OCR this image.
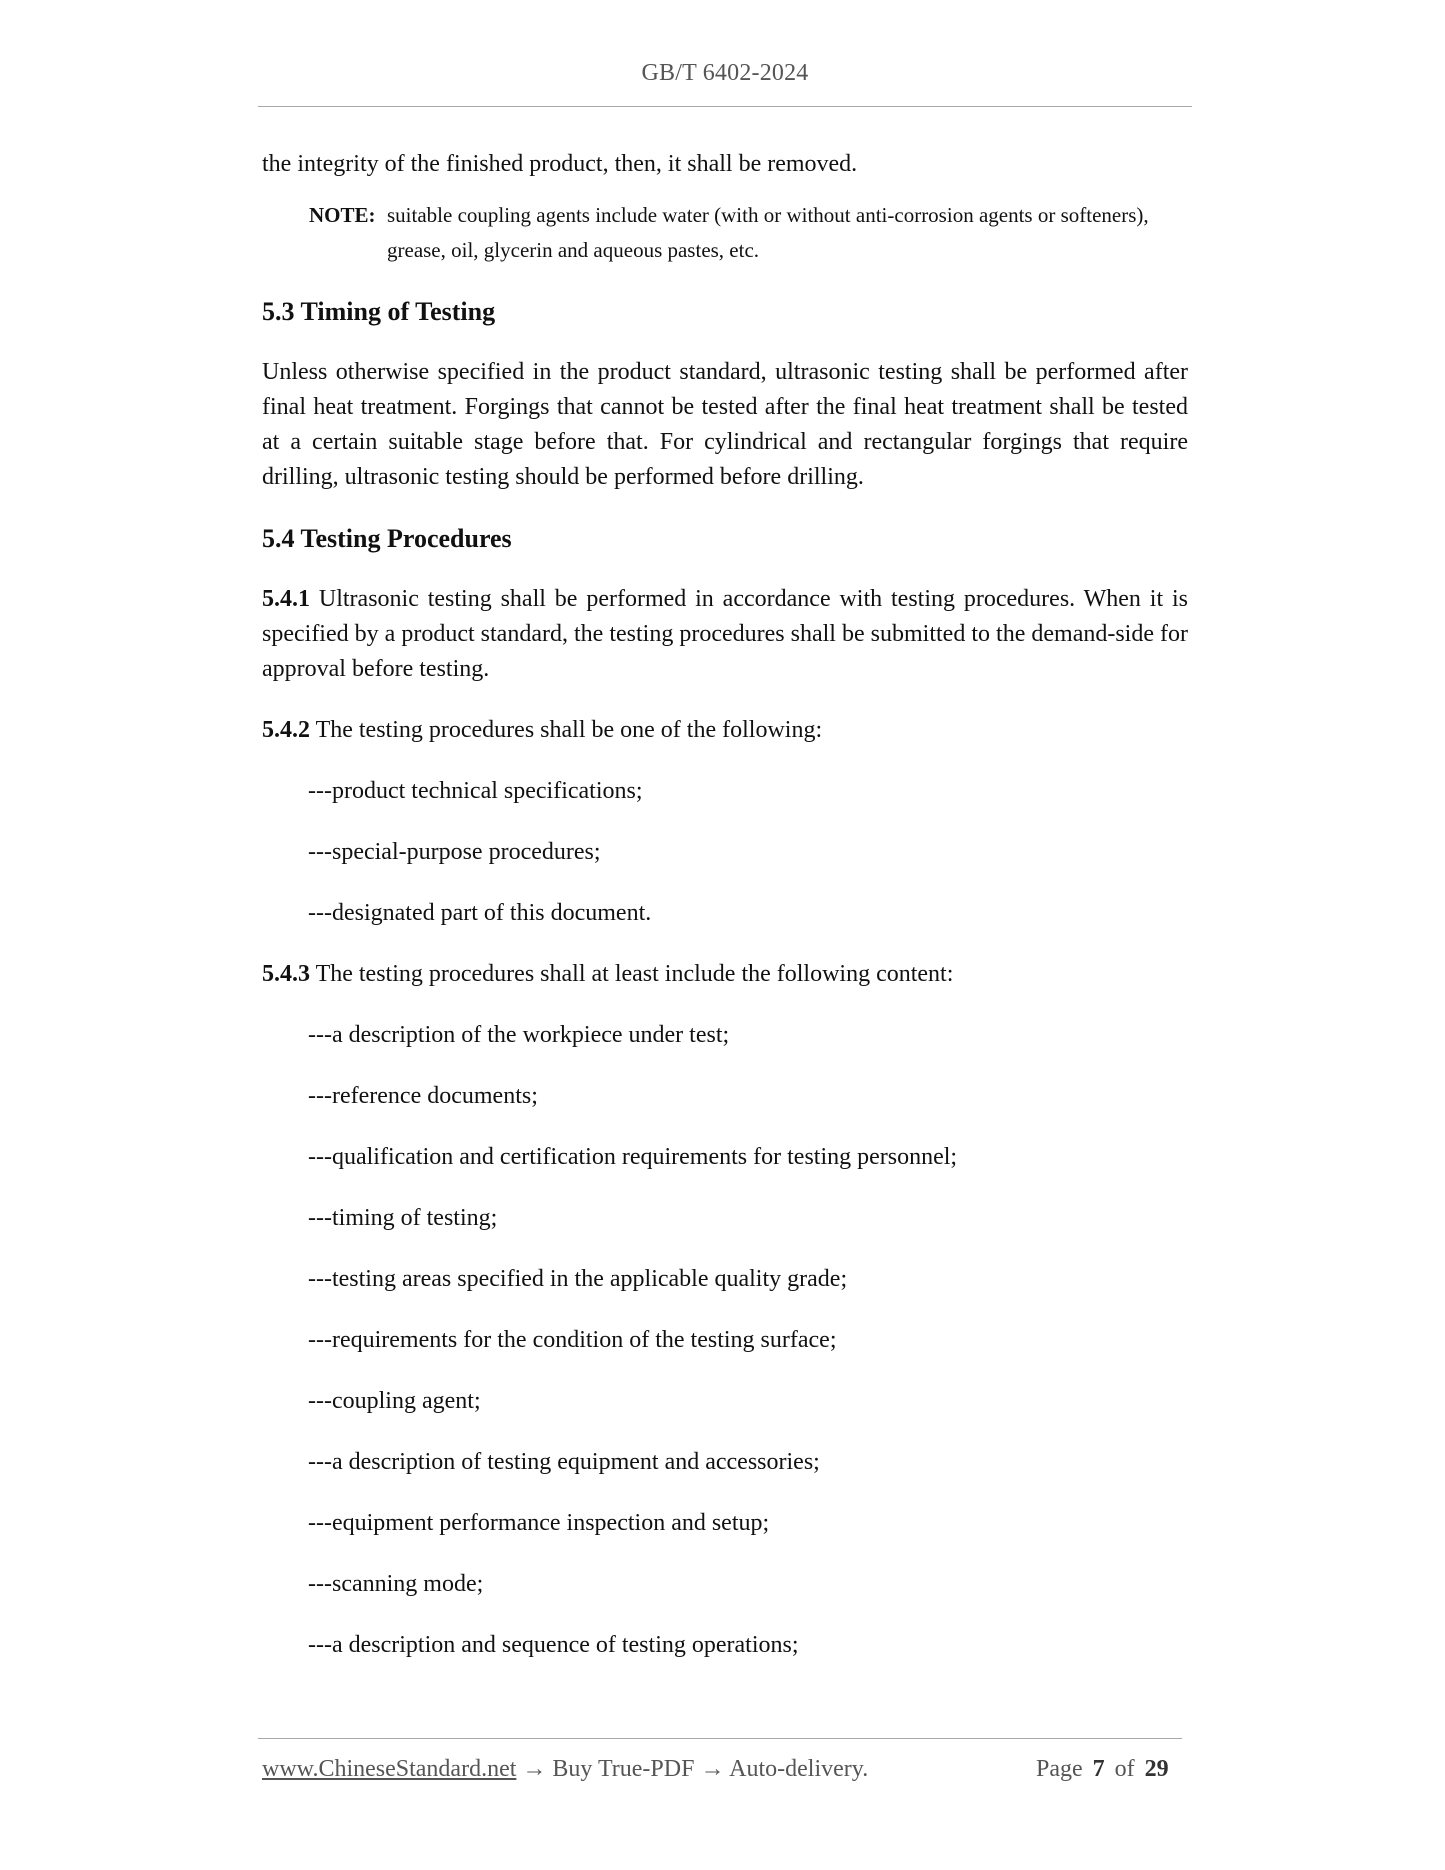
GB/T 6402-2024

the integrity of the finished product, then, it shall be removed.

NOTE: suitable coupling agents include water (with or without anti-corrosion agents or softeners), grease, oil, glycerin and aqueous pastes, etc.

5.3 Timing of Testing

Unless otherwise specified in the product standard, ultrasonic testing shall be performed after final heat treatment. Forgings that cannot be tested after the final heat treatment shall be tested at a certain suitable stage before that. For cylindrical and rectangular forgings that require drilling, ultrasonic testing should be performed before drilling.

5.4 Testing Procedures

5.4.1 Ultrasonic testing shall be performed in accordance with testing procedures. When it is specified by a product standard, the testing procedures shall be submitted to the demand-side for approval before testing.

5.4.2 The testing procedures shall be one of the following:

---product technical specifications;

---special-purpose procedures;

---designated part of this document.

5.4.3 The testing procedures shall at least include the following content:

---a description of the workpiece under test;

---reference documents;

---qualification and certification requirements for testing personnel;

---timing of testing;

---testing areas specified in the applicable quality grade;

---requirements for the condition of the testing surface;

---coupling agent;

---a description of testing equipment and accessories;

---equipment performance inspection and setup;

---scanning mode;

---a description and sequence of testing operations;

www.ChineseStandard.net → Buy True-PDF → Auto-delivery.	Page 7 of 29
